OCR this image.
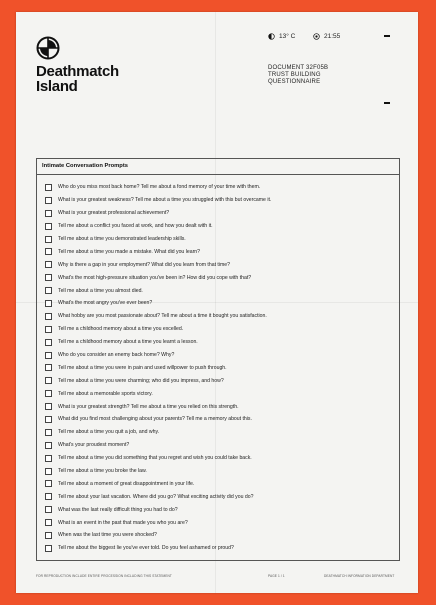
Deathmatch
Island
13° C	21:55
DOCUMENT 32F05B
TRUST BUILDING
QUESTIONNAIRE
Intimate Conversation Prompts
Who do you miss most back home? Tell me about a fond memory of your time with them.
What is your greatest weakness? Tell me about a time you struggled with this but overcame it.
What is your greatest professional achievement?
Tell me about a conflict you faced at work, and how you dealt with it.
Tell me about a time you demonstrated leadership skills.
Tell me about a time you made a mistake. What did you learn?
Why is there a gap in your employment? What did you learn from that time?
What's the most high-pressure situation you've been in? How did you cope with that?
Tell me about a time you almost died.
What's the most angry you've ever been?
What hobby are you most passionate about? Tell me about a time it bought you satisfaction.
Tell me a childhood memory about a time you excelled.
Tell me a childhood memory about a time you learnt a lesson.
Who do you consider an enemy back home? Why?
Tell me about a time you were in pain and used willpower to push through.
Tell me about a time you were charming; who did you impress, and how?
Tell me about a memorable sports victory.
What is your greatest strength? Tell me about a time you relied on this strength.
What did you find most challenging about your parents? Tell me a memory about this.
Tell me about a time you quit a job, and why.
What's your proudest moment?
Tell me about a time you did something that you regret and wish you could take back.
Tell me about a time you broke the law.
Tell me about a moment of great disappointment in your life.
Tell me about your last vacation. Where did you go? What exciting activity did you do?
What was the last really difficult thing you had to do?
What is an event in the past that made you who you are?
When was the last time you were shocked?
Tell me about the biggest lie you've ever told. Do you feel ashamed or proud?
FOR REPRODUCTION INCLUDE ENTIRE PROCESSION INCLUDING THIS STATEMENT	PAGE 1 / 1	DEATHMATCH INFORMATION DEPARTMENT
